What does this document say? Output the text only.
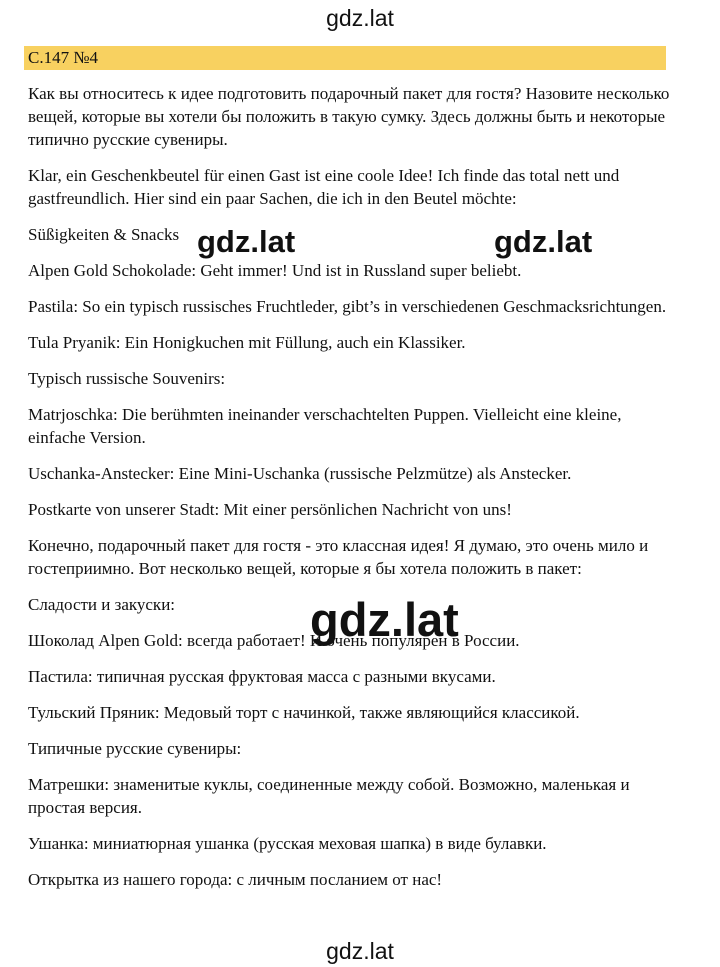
gdz.lat
С.147 №4

Как вы относитесь к идее подготовить подарочный пакет для гостя? Назовите несколько вещей, которые вы хотели бы положить в такую сумку. Здесь должны быть и некоторые типично русские сувениры.

Klar, ein Geschenkbeutel für einen Gast ist eine coole Idee! Ich finde das total nett und gastfreundlich. Hier sind ein paar Sachen, die ich in den Beutel möchte:

Süßigkeiten & Snacks

Alpen Gold Schokolade: Geht immer! Und ist in Russland super beliebt.

Pastila: So ein typisch russisches Fruchtleder, gibt’s in verschiedenen Geschmacksrichtungen.

Tula Pryanik: Ein Honigkuchen mit Füllung, auch ein Klassiker.

Typisch russische Souvenirs:

Matrjoschka: Die berühmten ineinander verschachtelten Puppen. Vielleicht eine kleine, einfache Version.

Uschanka-Anstecker: Eine Mini-Uschanka (russische Pelzmütze) als Anstecker.

Postkarte von unserer Stadt: Mit einer persönlichen Nachricht von uns!

Конечно, подарочный пакет для гостя - это классная идея! Я думаю, это очень мило и гостеприимно. Вот несколько вещей, которые я бы хотела положить в пакет:

Сладости и закуски:

Шоколад Alpen Gold: всегда работает! И очень популярен в России.

Пастила: типичная русская фруктовая масса с разными вкусами.

Тульский Пряник: Медовый торт с начинкой, также являющийся классикой.

Типичные русские сувениры:

Матрешки: знаменитые куклы, соединенные между собой. Возможно, маленькая и простая версия.

Ушанка: миниатюрная ушанка (русская меховая шапка) в виде булавки.

Открытка из нашего города: с личным посланием от нас!

gdz.lat	gdz.lat
gdz.lat
gdz.lat
